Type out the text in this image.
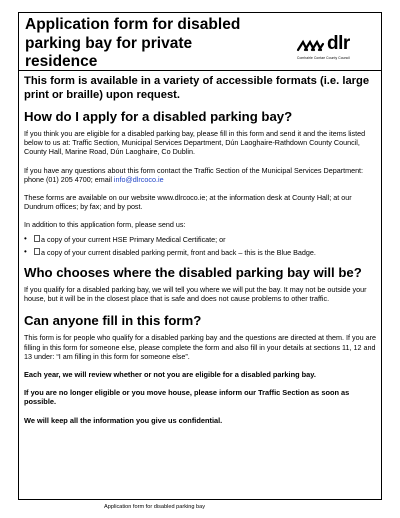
Application form for disabled
parking bay for private
residence
dlr
Comhairle Contae County Council
This form is available in a variety of accessible formats (i.e. large print or braille) upon request.
How do I apply for a disabled parking bay?

If you think you are eligible for a disabled parking bay, please fill in this form and send it and the items listed below to us at: Traffic Section, Municipal Services Department, Dún Laoghaire-Rathdown County Council, County Hall, Marine Road, Dún Laoghaire, Co Dublin.

If you have any questions about this form contact the Traffic Section of the Municipal Services Department: phone (01) 205 4700; email info@dlrcoco.ie

These forms are available on our website www.dlrcoco.ie; at the information desk at County Hall; at our Dundrum offices; by fax; and by post.

In addition to this application form, please send us:

• a copy of your current HSE Primary Medical Certificate; or
• a copy of your current disabled parking permit, front and back – this is the Blue Badge.
Who chooses where the disabled parking bay will be?

If you qualify for a disabled parking bay, we will tell you where we will put the bay. It may not be outside your house, but it will be in the closest place that is safe and does not cause problems to other traffic.

Can anyone fill in this form?

This form is for people who qualify for a disabled parking bay and the questions are directed at them. If you are filling in this form for someone else, please complete the form and also fill in your details at sections 11, 12 and 13 under: “I am filling in this form for someone else”.

Each year, we will review whether or not you are eligible for a disabled parking bay.

If you are no longer eligible or you move house, please inform our Traffic Section as soon as possible.

We will keep all the information you give us confidential.

Application form for disabled parking bay
